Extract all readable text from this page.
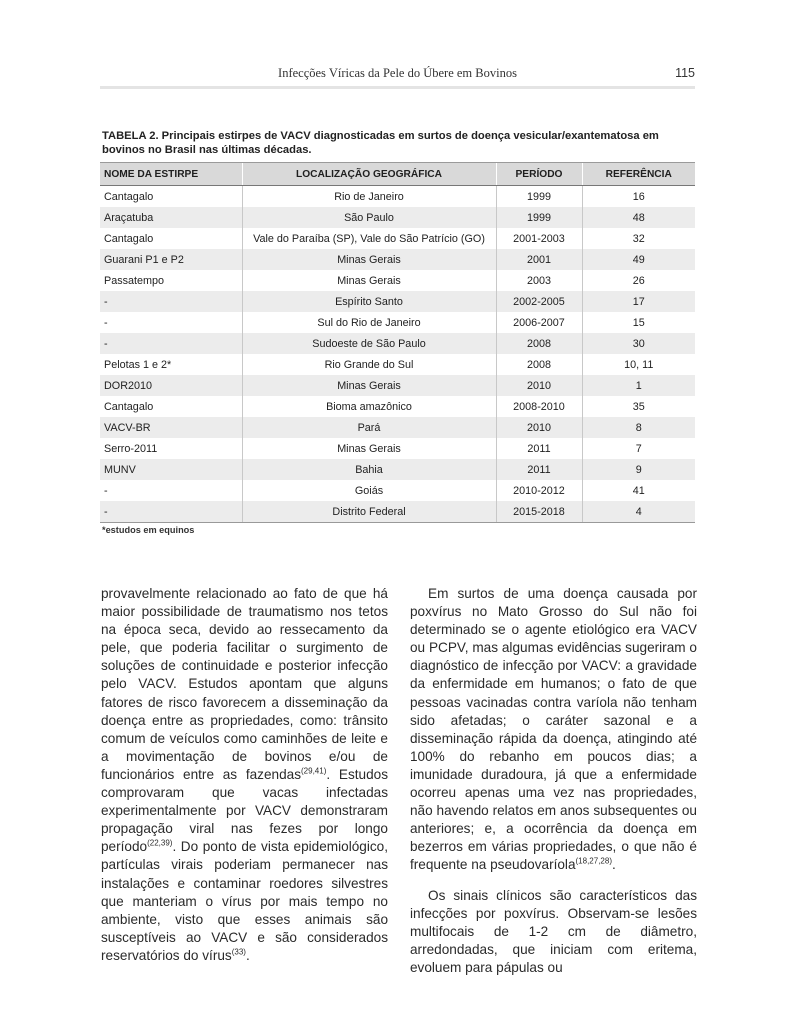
Infecções Víricas da Pele do Úbere em Bovinos	115
TABELA 2. Principais estirpes de VACV diagnosticadas em surtos de doença vesicular/exantematosa em bovinos no Brasil nas últimas décadas.
NOME DA ESTIRPE	LOCALIZAÇÃO GEOGRÁFICA	PERÍODO	REFERÊNCIA
Cantagalo	Rio de Janeiro	1999	16
Araçatuba	São Paulo	1999	48
Cantagalo	Vale do Paraíba (SP), Vale do São Patrício (GO)	2001-2003	32
Guarani P1 e P2	Minas Gerais	2001	49
Passatempo	Minas Gerais	2003	26
-	Espírito Santo	2002-2005	17
-	Sul do Rio de Janeiro	2006-2007	15
-	Sudoeste de São Paulo	2008	30
Pelotas 1 e 2*	Rio Grande do Sul	2008	10, 11
DOR2010	Minas Gerais	2010	1
Cantagalo	Bioma amazônico	2008-2010	35
VACV-BR	Pará	2010	8
Serro-2011	Minas Gerais	2011	7
MUNV	Bahia	2011	9
-	Goiás	2010-2012	41
-	Distrito Federal	2015-2018	4
*estudos em equinos

provavelmente relacionado ao fato de que há maior possibilidade de traumatismo nos tetos na época seca, devido ao ressecamento da pele, que poderia facilitar o surgimento de soluções de continuidade e posterior infecção pelo VACV. Estudos apontam que alguns fatores de risco favorecem a disseminação da doença entre as propriedades, como: trânsito comum de veículos como caminhões de leite e a movimentação de bovinos e/ou de funcionários entre as fazendas$^{(29,41)}$. Estudos comprovaram que vacas infectadas experimentalmente por VACV demonstraram propagação viral nas fezes por longo período$^{(22,39)}$. Do ponto de vista epidemiológico, partículas virais poderiam permanecer nas instalações e contaminar roedores silvestres que manteriam o vírus por mais tempo no ambiente, visto que esses animais são susceptíveis ao VACV e são considerados reservatórios do vírus$^{(33)}$.

Em surtos de uma doença causada por poxvírus no Mato Grosso do Sul não foi determinado se o agente etiológico era VACV ou PCPV, mas algumas evidências sugeriram o diagnóstico de infecção por VACV: a gravidade da enfermidade em humanos; o fato de que pessoas vacinadas contra varíola não tenham sido afetadas; o caráter sazonal e a disseminação rápida da doença, atingindo até 100% do rebanho em poucos dias; a imunidade duradoura, já que a enfermidade ocorreu apenas uma vez nas propriedades, não havendo relatos em anos subsequentes ou anteriores; e, a ocorrência da doença em bezerros em várias propriedades, o que não é frequente na pseudovaríola$^{(18,27,28)}$.

Os sinais clínicos são característicos das infecções por poxvírus. Observam-se lesões multifocais de 1-2 cm de diâmetro, arredondadas, que iniciam com eritema, evoluem para pápulas ou
